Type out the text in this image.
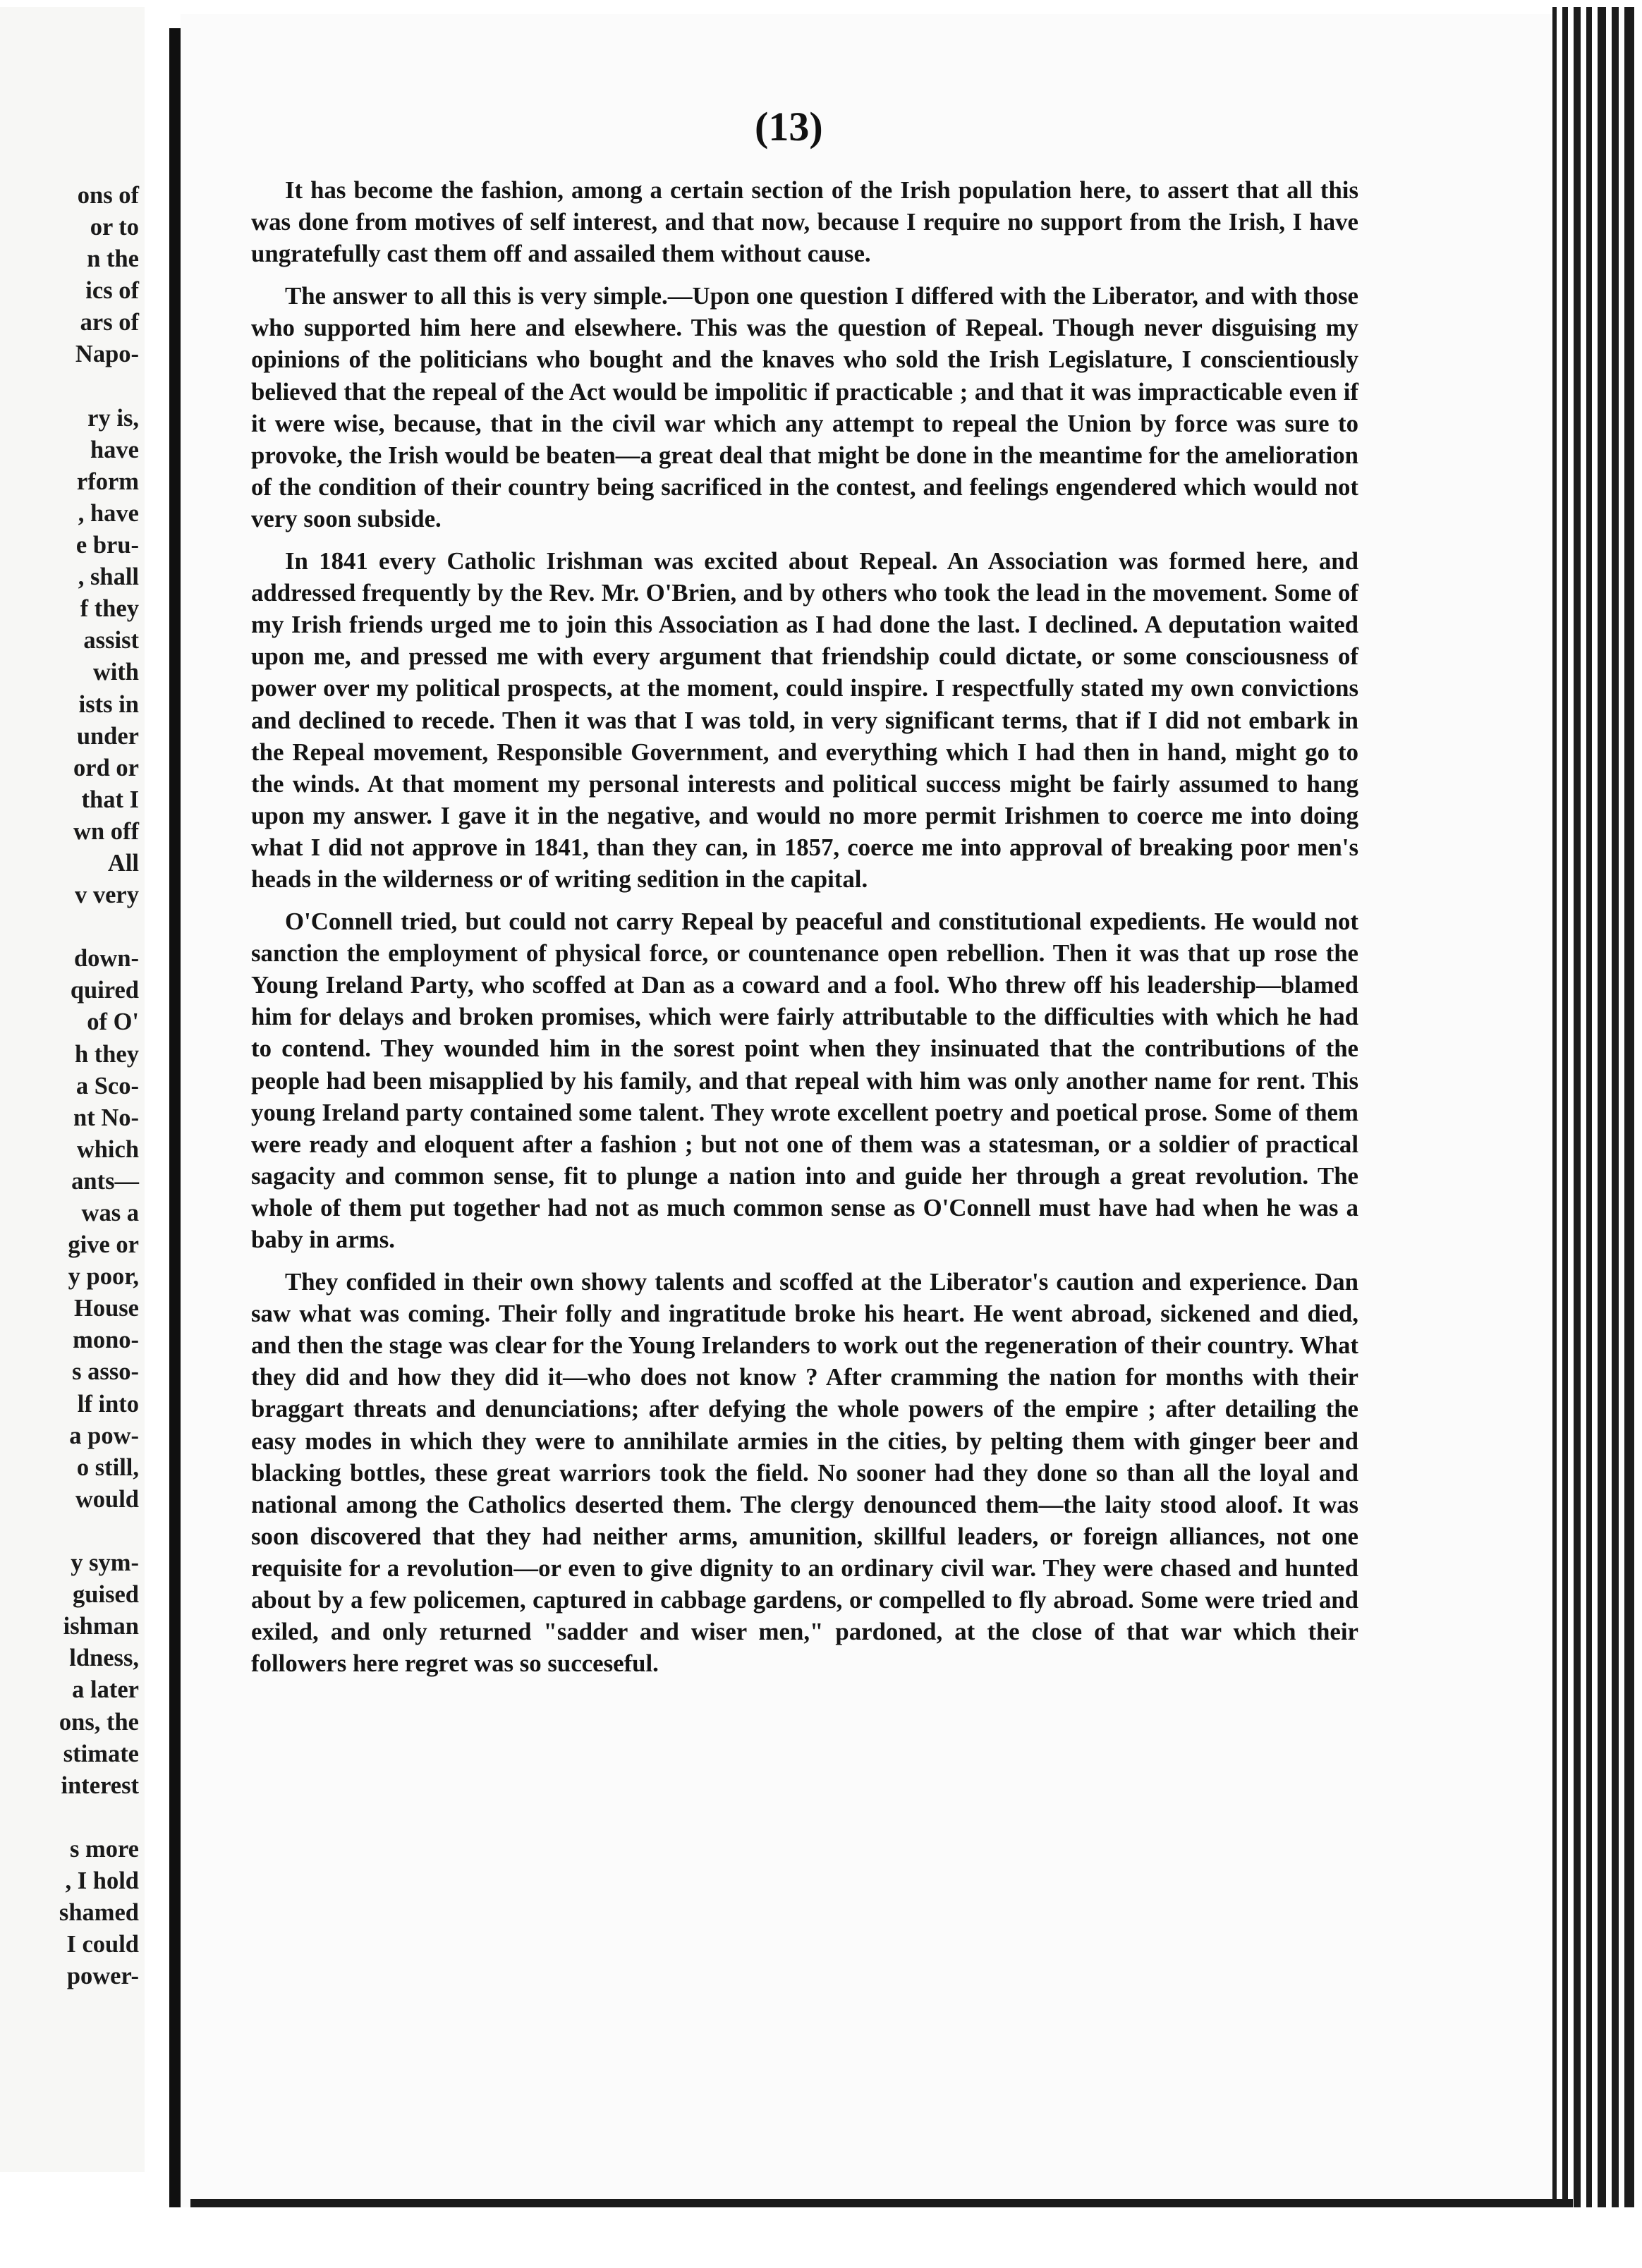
ons of
or to
n the
ics of
ars of
Napo-
ry is,
have
rform
, have
e bru-
, shall
f they
assist
with
ists in
under
ord or
that I
wn off
All
v very
down-
quired
of O'
h they
a Sco-
nt No-
which
ants—
was a
give or
y poor,
House
mono-
s asso-
lf into
a pow-
o still,
would
y sym-
guised
ishman
ldness,
a later
ons, the
stimate
interest
s more
, I hold
shamed
I could
power-
(13)

It has become the fashion, among a certain section of the Irish population here, to assert that all this was done from motives of self interest, and that now, because I require no support from the Irish, I have ungratefully cast them off and assailed them without cause.

The answer to all this is very simple.—Upon one question I differed with the Liberator, and with those who supported him here and elsewhere. This was the question of Repeal. Though never disguising my opinions of the politicians who bought and the knaves who sold the Irish Legislature, I conscientiously believed that the repeal of the Act would be impolitic if practicable ; and that it was impracticable even if it were wise, because, that in the civil war which any attempt to repeal the Union by force was sure to provoke, the Irish would be beaten—a great deal that might be done in the meantime for the amelioration of the condition of their country being sacrificed in the contest, and feelings engendered which would not very soon subside.

In 1841 every Catholic Irishman was excited about Repeal. An Association was formed here, and addressed frequently by the Rev. Mr. O'Brien, and by others who took the lead in the movement. Some of my Irish friends urged me to join this Association as I had done the last. I declined. A deputation waited upon me, and pressed me with every argument that friendship could dictate, or some consciousness of power over my political prospects, at the moment, could inspire. I respectfully stated my own convictions and declined to recede. Then it was that I was told, in very significant terms, that if I did not embark in the Repeal movement, Responsible Government, and everything which I had then in hand, might go to the winds. At that moment my personal interests and political success might be fairly assumed to hang upon my answer. I gave it in the negative, and would no more permit Irishmen to coerce me into doing what I did not approve in 1841, than they can, in 1857, coerce me into approval of breaking poor men's heads in the wilderness or of writing sedition in the capital.

O'Connell tried, but could not carry Repeal by peaceful and constitutional expedients. He would not sanction the employment of physical force, or countenance open rebellion. Then it was that up rose the Young Ireland Party, who scoffed at Dan as a coward and a fool. Who threw off his leadership—blamed him for delays and broken promises, which were fairly attributable to the difficulties with which he had to contend. They wounded him in the sorest point when they insinuated that the contributions of the people had been misapplied by his family, and that repeal with him was only another name for rent. This young Ireland party contained some talent. They wrote excellent poetry and poetical prose. Some of them were ready and eloquent after a fashion ; but not one of them was a statesman, or a soldier of practical sagacity and common sense, fit to plunge a nation into and guide her through a great revolution. The whole of them put together had not as much common sense as O'Connell must have had when he was a baby in arms.

They confided in their own showy talents and scoffed at the Liberator's caution and experience. Dan saw what was coming. Their folly and ingratitude broke his heart. He went abroad, sickened and died, and then the stage was clear for the Young Irelanders to work out the regeneration of their country. What they did and how they did it—who does not know ? After cramming the nation for months with their braggart threats and denunciations; after defying the whole powers of the empire ; after detailing the easy modes in which they were to annihilate armies in the cities, by pelting them with ginger beer and blacking bottles, these great warriors took the field. No sooner had they done so than all the loyal and national among the Catholics deserted them. The clergy denounced them—the laity stood aloof. It was soon discovered that they had neither arms, amunition, skillful leaders, or foreign alliances, not one requisite for a revolution—or even to give dignity to an ordinary civil war. They were chased and hunted about by a few policemen, captured in cabbage gardens, or compelled to fly abroad. Some were tried and exiled, and only returned "sadder and wiser men," pardoned, at the close of that war which their followers here regret was so succeseful.
